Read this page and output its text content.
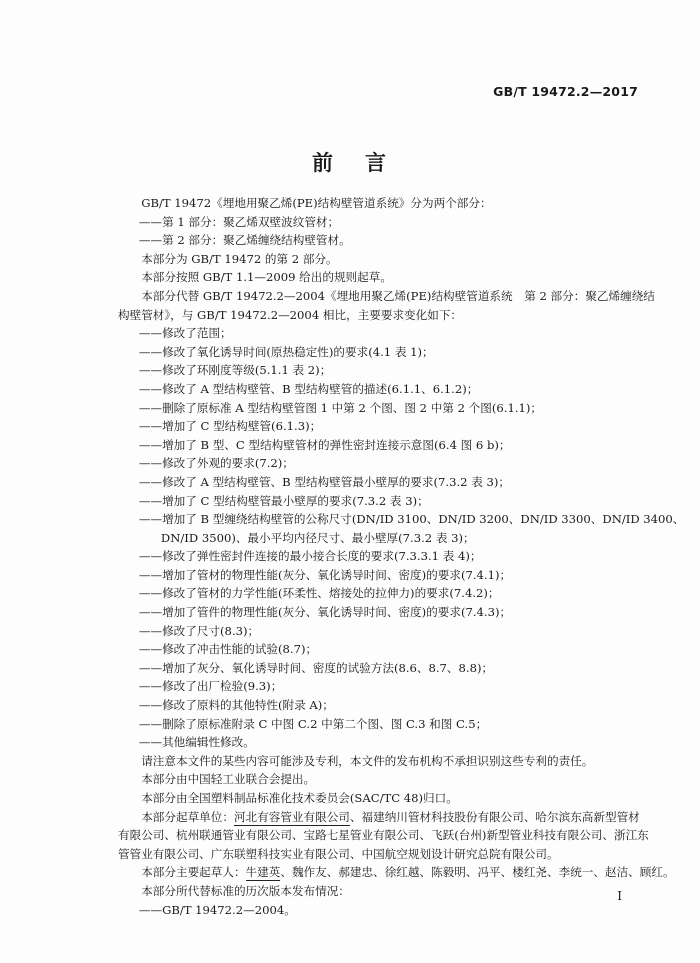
GB/T 19472.2—2017
前 言

GB/T 19472《埋地用聚乙烯(PE)结构壁管道系统》分为两个部分：

——第 1 部分：聚乙烯双壁波纹管材；

——第 2 部分：聚乙烯缠绕结构壁管材。

本部分为 GB/T 19472 的第 2 部分。

本部分按照 GB/T 1.1—2009 给出的规则起草。

本部分代替 GB/T 19472.2—2004《埋地用聚乙烯(PE)结构壁管道系统　第 2 部分：聚乙烯缠绕结

构壁管材》，与 GB/T 19472.2—2004 相比，主要要求变化如下：

——修改了范围；

——修改了氧化诱导时间(原热稳定性)的要求(4.1 表 1)；

——修改了环刚度等级(5.1.1 表 2)；

——修改了 A 型结构壁管、B 型结构壁管的描述(6.1.1、6.1.2)；

——删除了原标准 A 型结构壁管图 1 中第 2 个图、图 2 中第 2 个图(6.1.1)；

——增加了 C 型结构壁管(6.1.3)；

——增加了 B 型、C 型结构壁管材的弹性密封连接示意图(6.4 图 6 b)；

——修改了外观的要求(7.2)；

——修改了 A 型结构壁管、B 型结构壁管最小壁厚的要求(7.3.2 表 3)；

——增加了 C 型结构壁管最小壁厚的要求(7.3.2 表 3)；

——增加了 B 型缠绕结构壁管的公称尺寸(DN/ID 3100、DN/ID 3200、DN/ID 3300、DN/ID 3400、

DN/ID 3500)、最小平均内径尺寸、最小壁厚(7.3.2 表 3)；

——修改了弹性密封件连接的最小接合长度的要求(7.3.3.1 表 4)；

——增加了管材的物理性能(灰分、氧化诱导时间、密度)的要求(7.4.1)；

——修改了管材的力学性能(环柔性、熔接处的拉伸力)的要求(7.4.2)；

——增加了管件的物理性能(灰分、氧化诱导时间、密度)的要求(7.4.3)；

——修改了尺寸(8.3)；

——修改了冲击性能的试验(8.7)；

——增加了灰分、氧化诱导时间、密度的试验方法(8.6、8.7、8.8)；

——修改了出厂检验(9.3)；

——修改了原料的其他特性(附录 A)；

——删除了原标准附录 C 中图 C.2 中第二个图、图 C.3 和图 C.5；

——其他编辑性修改。

请注意本文件的某些内容可能涉及专利，本文件的发布机构不承担识别这些专利的责任。

本部分由中国轻工业联合会提出。

本部分由全国塑料制品标准化技术委员会(SAC/TC 48)归口。

本部分起草单位：河北有容管业有限公司、福建纳川管材科技股份有限公司、哈尔滨东高新型管材

有限公司、杭州联通管业有限公司、宝路七星管业有限公司、飞跃(台州)新型管业科技有限公司、浙江东

管管业有限公司、广东联塑科技实业有限公司、中国航空规划设计研究总院有限公司。

本部分主要起草人：牛建英、魏作友、郝建忠、徐红越、陈毅明、冯平、楼红尧、李统一、赵洁、顾红。

本部分所代替标准的历次版本发布情况：

——GB/T 19472.2—2004。

I
